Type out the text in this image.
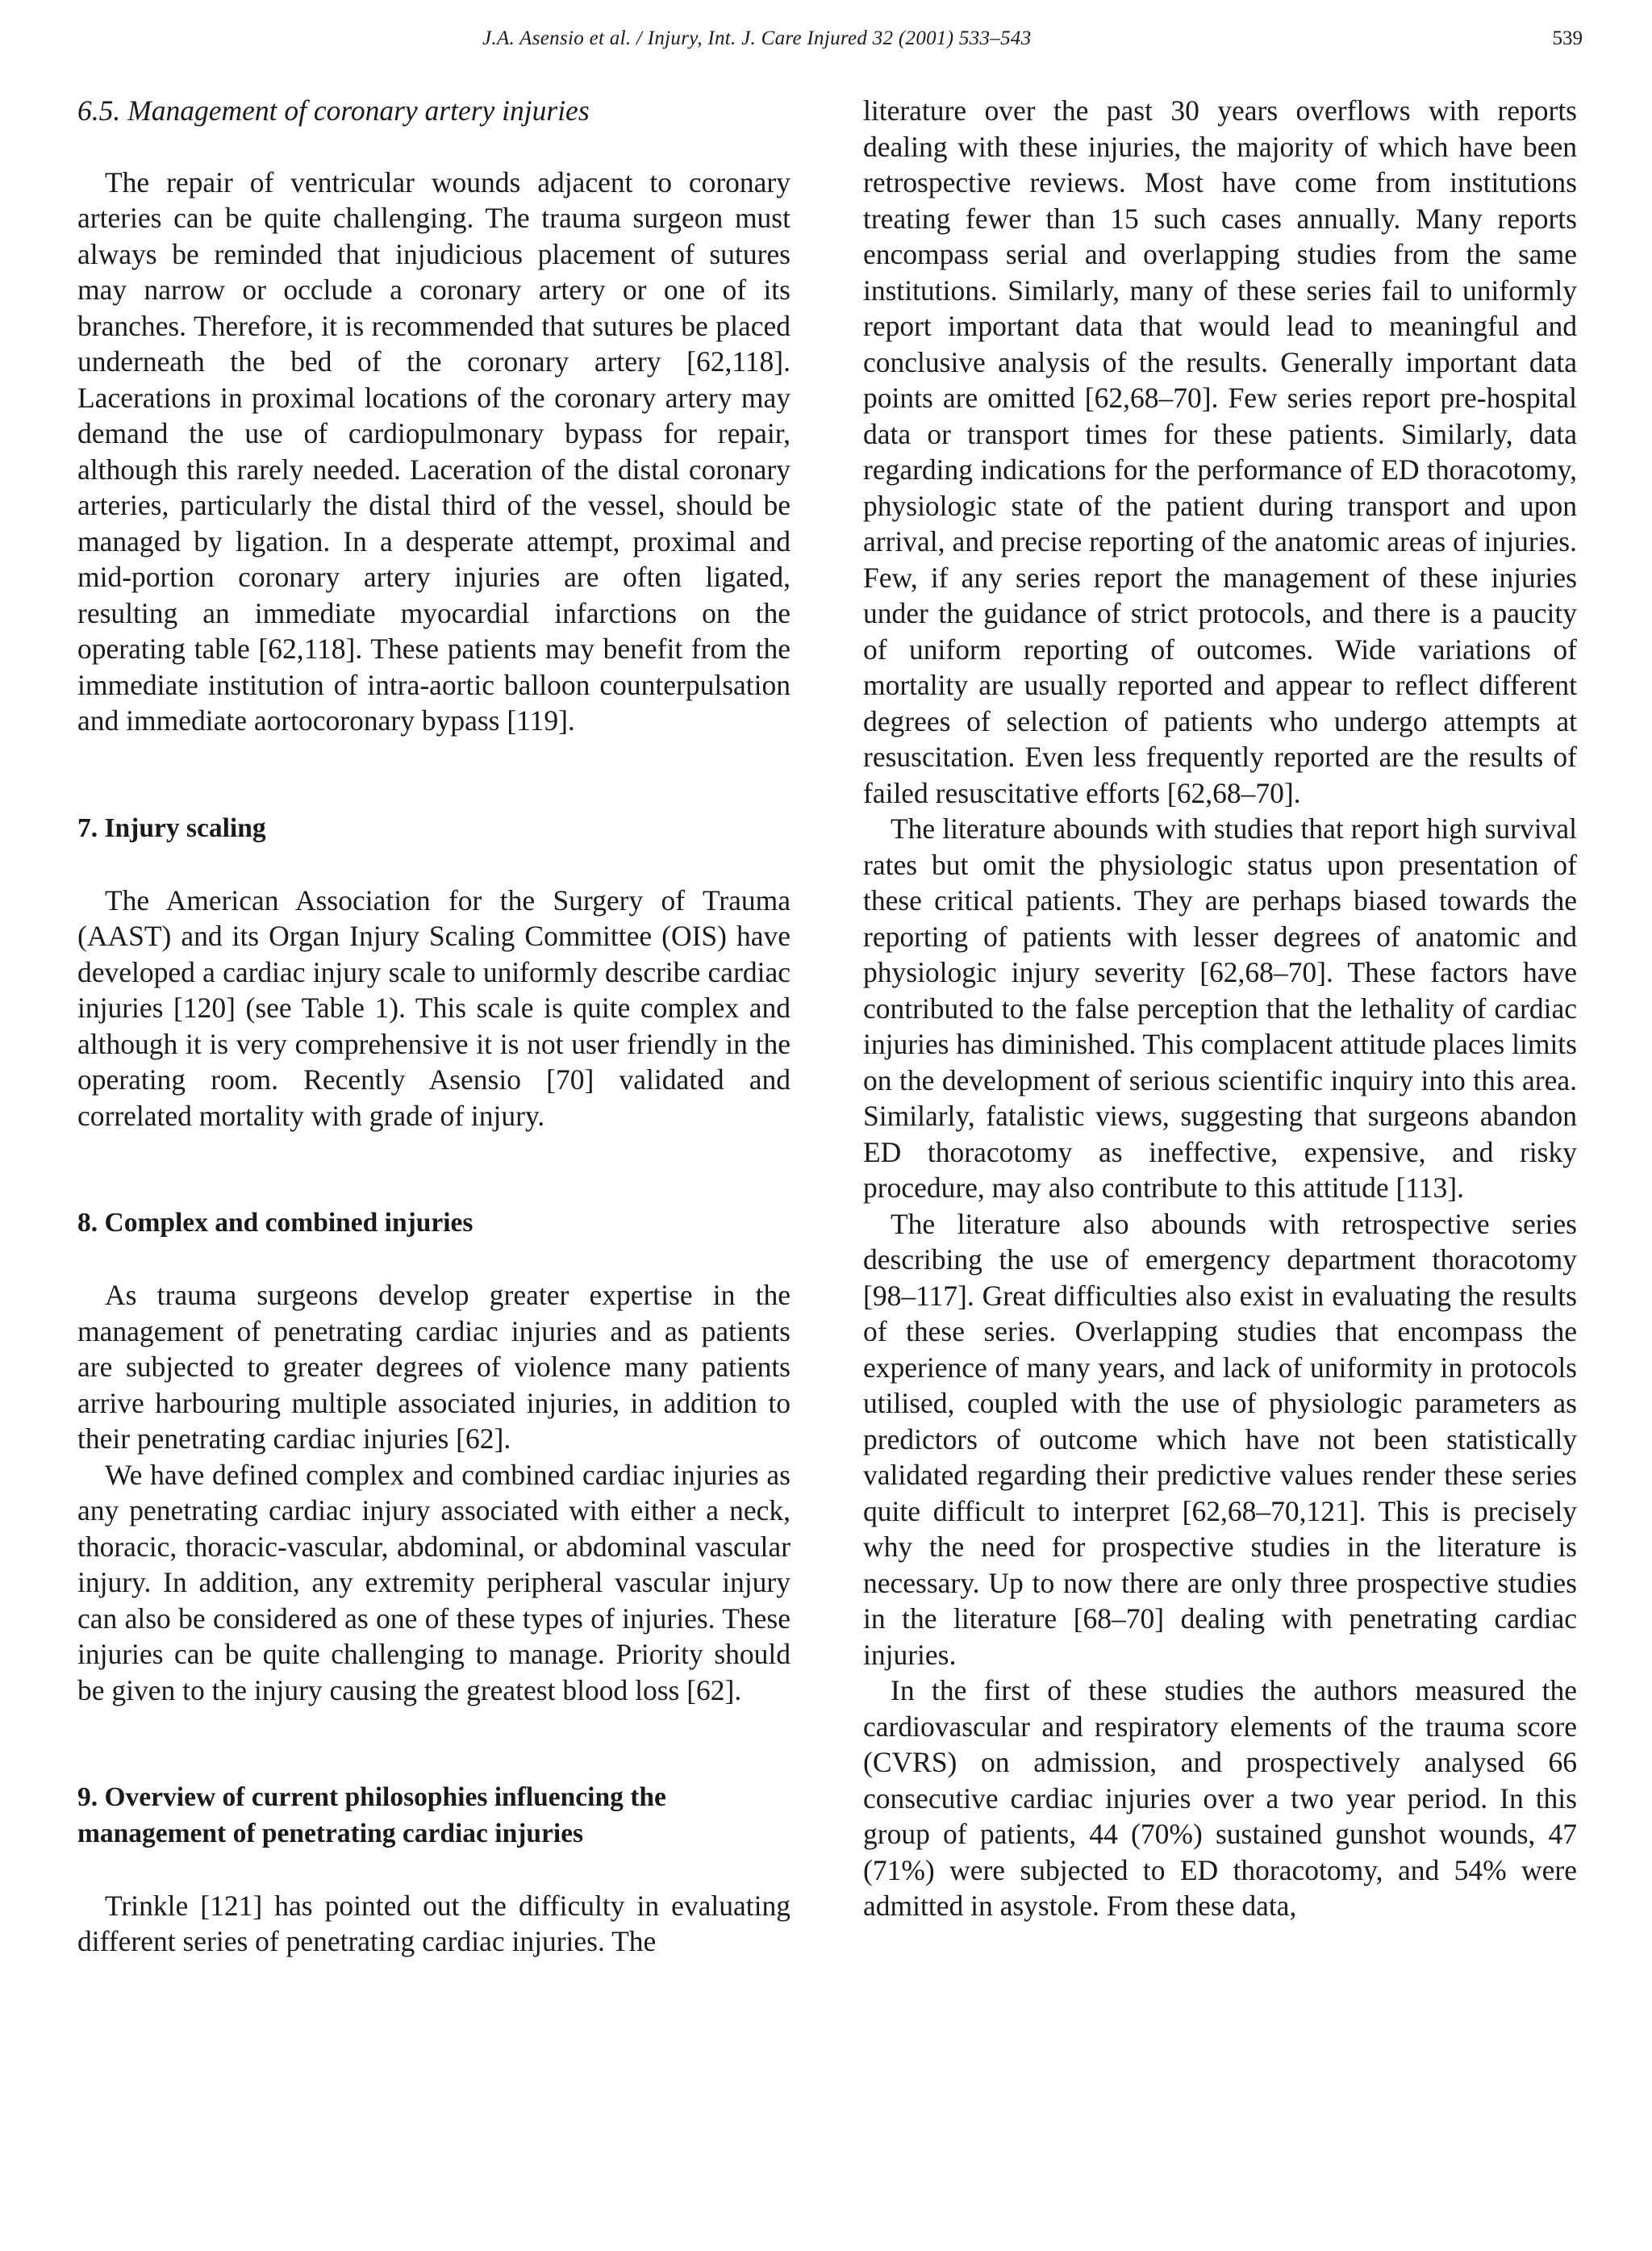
J.A. Asensio et al. / Injury, Int. J. Care Injured 32 (2001) 533–543	539
6.5. Management of coronary artery injuries

The repair of ventricular wounds adjacent to coronary arteries can be quite challenging. The trauma surgeon must always be reminded that injudicious placement of sutures may narrow or occlude a coronary artery or one of its branches. Therefore, it is recommended that sutures be placed underneath the bed of the coronary artery [62,118]. Lacerations in proximal locations of the coronary artery may demand the use of cardiopulmonary bypass for repair, although this rarely needed. Laceration of the distal coronary arteries, particularly the distal third of the vessel, should be managed by ligation. In a desperate attempt, proximal and mid-portion coronary artery injuries are often ligated, resulting an immediate myocardial infarctions on the operating table [62,118]. These patients may benefit from the immediate institution of intra-aortic balloon counterpulsation and immediate aortocoronary bypass [119].

7. Injury scaling

The American Association for the Surgery of Trauma (AAST) and its Organ Injury Scaling Committee (OIS) have developed a cardiac injury scale to uniformly describe cardiac injuries [120] (see Table 1). This scale is quite complex and although it is very comprehensive it is not user friendly in the operating room. Recently Asensio [70] validated and correlated mortality with grade of injury.

8. Complex and combined injuries

As trauma surgeons develop greater expertise in the management of penetrating cardiac injuries and as patients are subjected to greater degrees of violence many patients arrive harbouring multiple associated injuries, in addition to their penetrating cardiac injuries [62].

We have defined complex and combined cardiac injuries as any penetrating cardiac injury associated with either a neck, thoracic, thoracic-vascular, abdominal, or abdominal vascular injury. In addition, any extremity peripheral vascular injury can also be considered as one of these types of injuries. These injuries can be quite challenging to manage. Priority should be given to the injury causing the greatest blood loss [62].

9. Overview of current philosophies influencing the
management of penetrating cardiac injuries

Trinkle [121] has pointed out the difficulty in evaluating different series of penetrating cardiac injuries. The

literature over the past 30 years overflows with reports dealing with these injuries, the majority of which have been retrospective reviews. Most have come from institutions treating fewer than 15 such cases annually. Many reports encompass serial and overlapping studies from the same institutions. Similarly, many of these series fail to uniformly report important data that would lead to meaningful and conclusive analysis of the results. Generally important data points are omitted [62,68–70]. Few series report pre-hospital data or transport times for these patients. Similarly, data regarding indications for the performance of ED thoracotomy, physiologic state of the patient during transport and upon arrival, and precise reporting of the anatomic areas of injuries. Few, if any series report the management of these injuries under the guidance of strict protocols, and there is a paucity of uniform reporting of outcomes. Wide variations of mortality are usually reported and appear to reflect different degrees of selection of patients who undergo attempts at resuscitation. Even less frequently reported are the results of failed resuscitative efforts [62,68–70].

The literature abounds with studies that report high survival rates but omit the physiologic status upon presentation of these critical patients. They are perhaps biased towards the reporting of patients with lesser degrees of anatomic and physiologic injury severity [62,68–70]. These factors have contributed to the false perception that the lethality of cardiac injuries has diminished. This complacent attitude places limits on the development of serious scientific inquiry into this area. Similarly, fatalistic views, suggesting that surgeons abandon ED thoracotomy as ineffective, expensive, and risky procedure, may also contribute to this attitude [113].

The literature also abounds with retrospective series describing the use of emergency department thoracotomy [98–117]. Great difficulties also exist in evaluating the results of these series. Overlapping studies that encompass the experience of many years, and lack of uniformity in protocols utilised, coupled with the use of physiologic parameters as predictors of outcome which have not been statistically validated regarding their predictive values render these series quite difficult to interpret [62,68–70,121]. This is precisely why the need for prospective studies in the literature is necessary. Up to now there are only three prospective studies in the literature [68–70] dealing with penetrating cardiac injuries.

In the first of these studies the authors measured the cardiovascular and respiratory elements of the trauma score (CVRS) on admission, and prospectively analysed 66 consecutive cardiac injuries over a two year period. In this group of patients, 44 (70%) sustained gunshot wounds, 47 (71%) were subjected to ED thoracotomy, and 54% were admitted in asystole. From these data,
